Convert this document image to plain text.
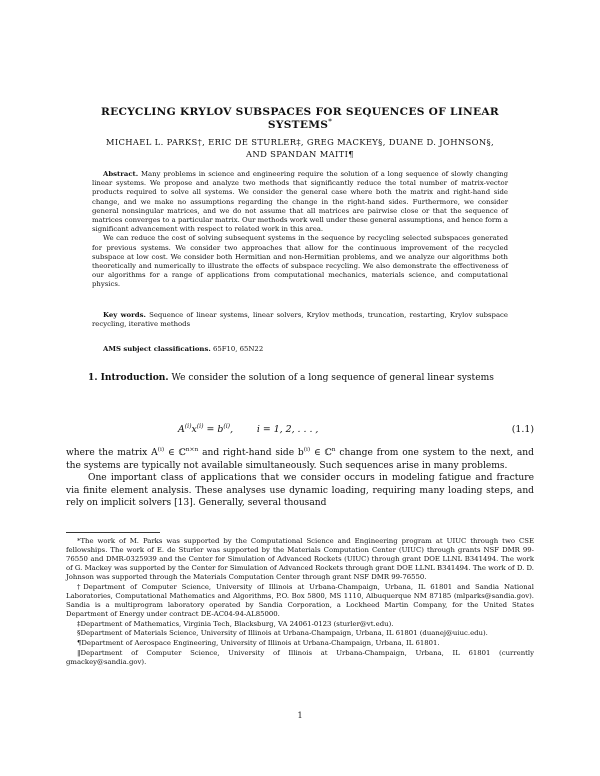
RECYCLING KRYLOV SUBSPACES FOR SEQUENCES OF LINEAR
SYSTEMS*
MICHAEL L. PARKS†, ERIC DE STURLER‡, GREG MACKEY§, DUANE D. JOHNSON§,
AND SPANDAN MAITI¶

Abstract. Many problems in science and engineering require the solution of a long sequence of slowly changing linear systems. We propose and analyze two methods that significantly reduce the total number of matrix-vector products required to solve all systems. We consider the general case where both the matrix and right-hand side change, and we make no assumptions regarding the change in the right-hand sides. Furthermore, we consider general nonsingular matrices, and we do not assume that all matrices are pairwise close or that the sequence of matrices converges to a particular matrix. Our methods work well under these general assumptions, and hence form a significant advancement with respect to related work in this area.

We can reduce the cost of solving subsequent systems in the sequence by recycling selected subspaces generated for previous systems. We consider two approaches that allow for the continuous improvement of the recycled subspace at low cost. We consider both Hermitian and non-Hermitian problems, and we analyze our algorithms both theoretically and numerically to illustrate the effects of subspace recycling. We also demonstrate the effectiveness of our algorithms for a range of applications from computational mechanics, materials science, and computational physics.

Key words. Sequence of linear systems, linear solvers, Krylov methods, truncation, restarting, Krylov subspace recycling, iterative methods
AMS subject classifications. 65F10, 65N22

1. Introduction. We consider the solution of a long sequence of general linear systems

$A^{(i)}x^{(i)} = b^{(i)}$,        i = 1, 2, . . . ,	(1.1)

where the matrix $A^{(i)}$ ∈ ℂ$^{n\times n}$ and right-hand side $b^{(i)}$ ∈ ℂ$^n$ change from one system to the next, and the systems are typically not available simultaneously. Such sequences arise in many problems.

One important class of applications that we consider occurs in modeling fatigue and fracture via finite element analysis. These analyses use dynamic loading, requiring many loading steps, and rely on implicit solvers [13]. Generally, several thousand

*The work of M. Parks was supported by the Computational Science and Engineering program at UIUC through two CSE fellowships. The work of E. de Sturler was supported by the Materials Computation Center (UIUC) through grants NSF DMR 99-76550 and DMR-0325939 and the Center for Simulation of Advanced Rockets (UIUC) through grant DOE LLNL B341494. The work of G. Mackey was supported by the Center for Simulation of Advanced Rockets through grant DOE LLNL B341494. The work of D. D. Johnson was supported through the Materials Computation Center through grant NSF DMR 99-76550.

†Department of Computer Science, University of Illinois at Urbana-Champaign, Urbana, IL 61801 and Sandia National Laboratories, Computational Mathematics and Algorithms, P.O. Box 5800, MS 1110, Albuquerque NM 87185 (mlparks@sandia.gov). Sandia is a multiprogram laboratory operated by Sandia Corporation, a Lockheed Martin Company, for the United States Department of Energy under contract DE-AC04-94-AL85000.

‡Department of Mathematics, Virginia Tech, Blacksburg, VA 24061-0123 (sturler@vt.edu).

§Department of Materials Science, University of Illinois at Urbana-Champaign, Urbana, IL 61801 (duanej@uiuc.edu).

¶Department of Aerospace Engineering, University of Illinois at Urbana-Champaign, Urbana, IL 61801.

‖Department of Computer Science, University of Illinois at Urbana-Champaign, Urbana, IL 61801 (currently gmackey@sandia.gov).

1
